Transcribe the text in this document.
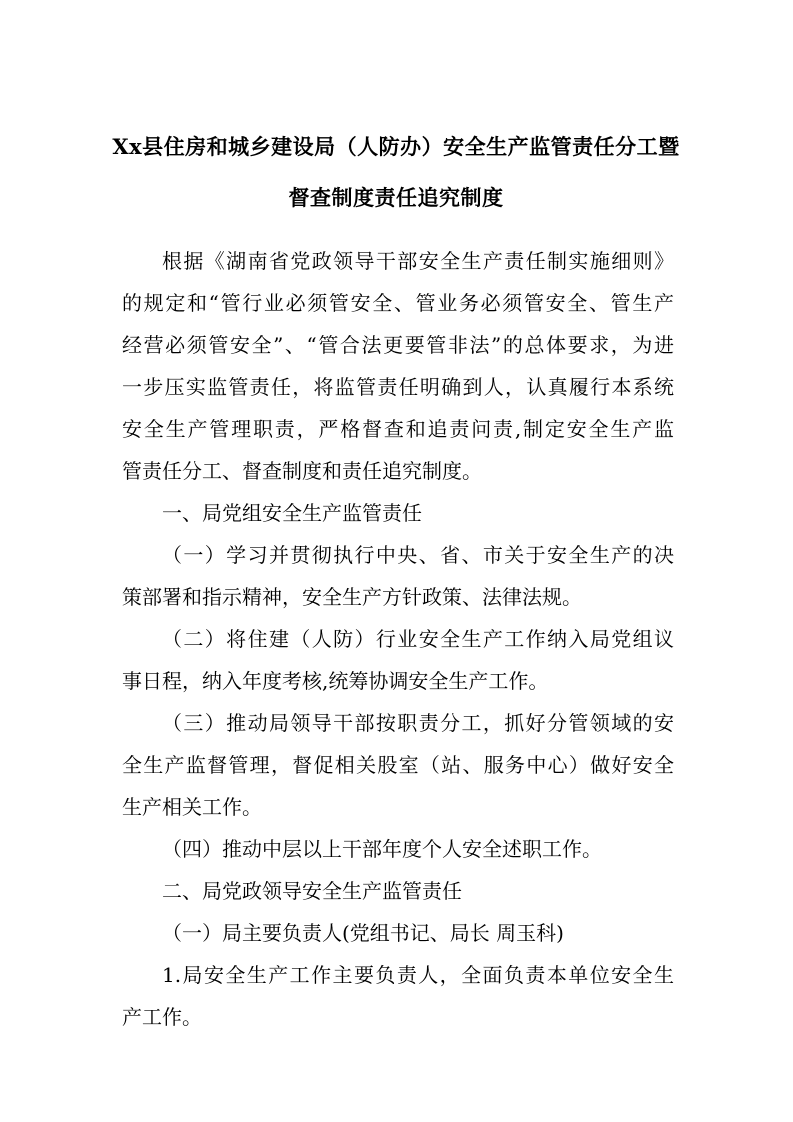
Xx县住房和城乡建设局（人防办）安全生产监管责任分工暨
督查制度责任追究制度
根据《湖南省党政领导干部安全生产责任制实施细则》
的规定和“管行业必须管安全、管业务必须管安全、管生产
经营必须管安全”、“管合法更要管非法”的总体要求，为进
一步压实监管责任，将监管责任明确到人，认真履行本系统
安全生产管理职责，严格督查和追责问责,制定安全生产监
管责任分工、督查制度和责任追究制度。
一、局党组安全生产监管责任
（一）学习并贯彻执行中央、省、市关于安全生产的决
策部署和指示精神，安全生产方针政策、法律法规。
（二）将住建（人防）行业安全生产工作纳入局党组议
事日程，纳入年度考核,统筹协调安全生产工作。
（三）推动局领导干部按职责分工，抓好分管领域的安
全生产监督管理，督促相关股室（站、服务中心）做好安全
生产相关工作。
（四）推动中层以上干部年度个人安全述职工作。
二、局党政领导安全生产监管责任
（一）局主要负责人(党组书记、局长 周玉科)
1.局安全生产工作主要负责人，全面负责本单位安全生
产工作。
